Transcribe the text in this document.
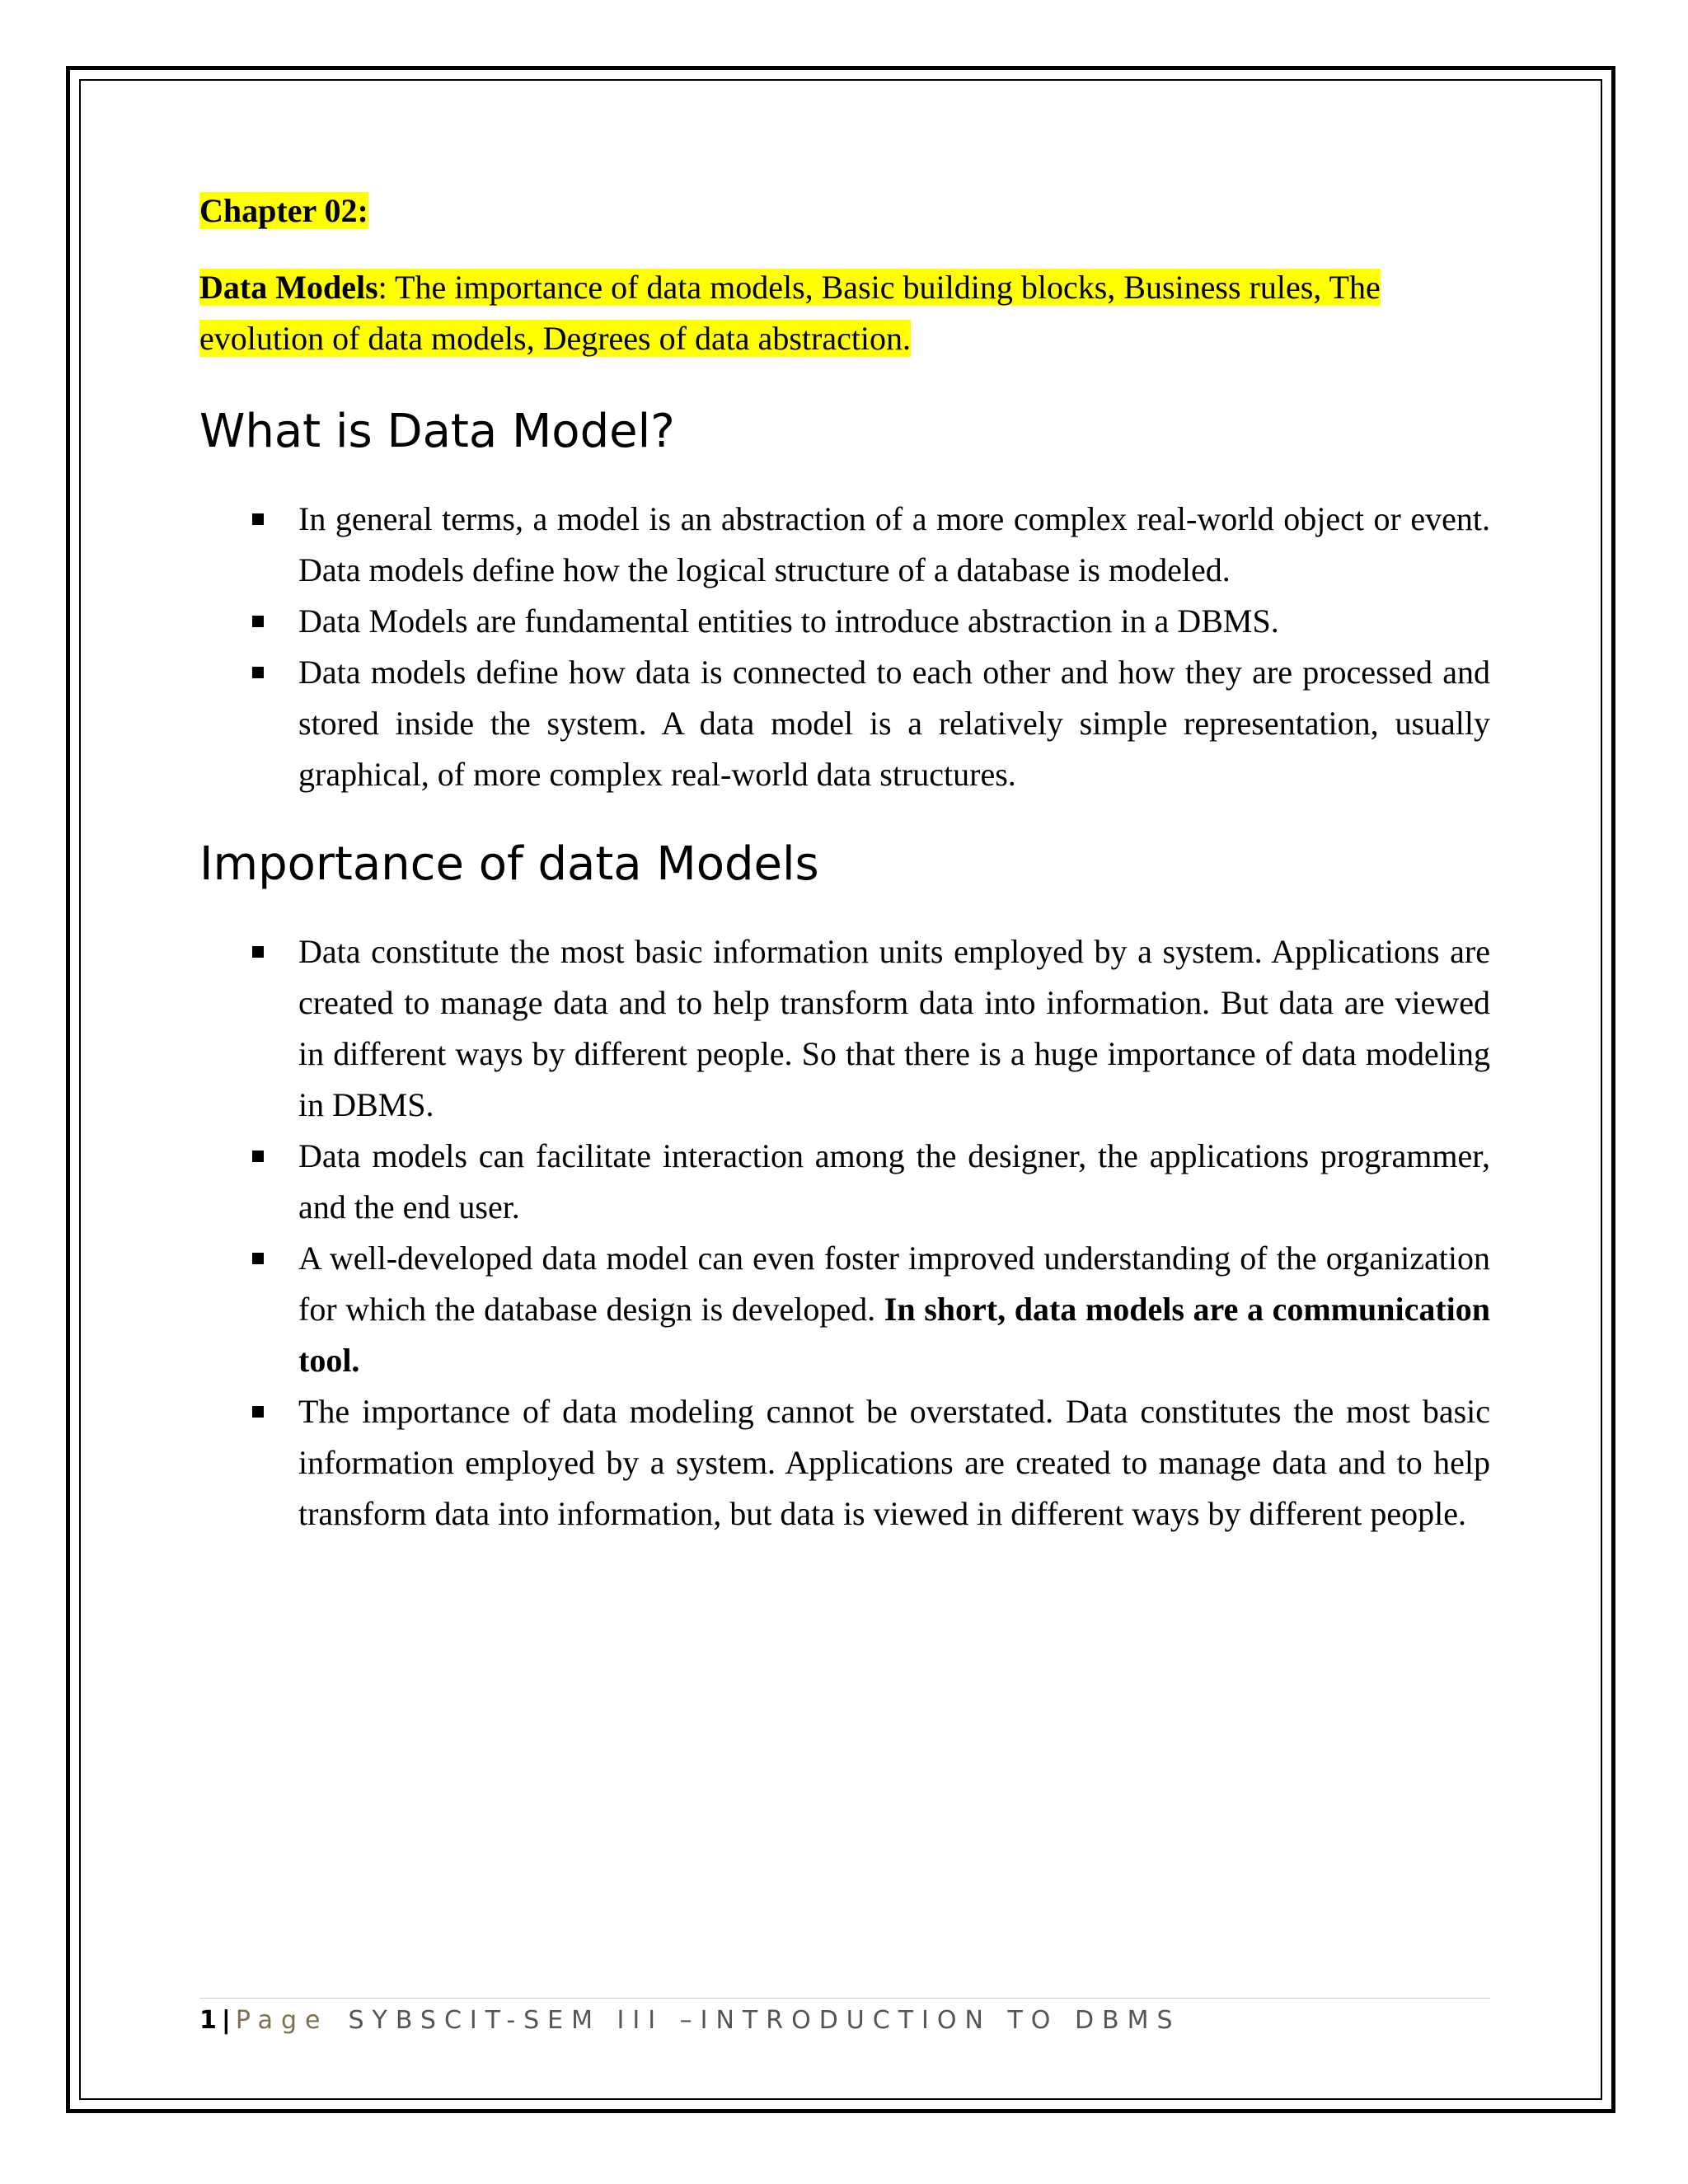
Chapter 02:

Data Models: The importance of data models, Basic building blocks, Business rules, The evolution of data models, Degrees of data abstraction.

What is Data Model?
In general terms, a model is an abstraction of a more complex real-world object or event. Data models define how the logical structure of a database is modeled.
Data Models are fundamental entities to introduce abstraction in a DBMS.
Data models define how data is connected to each other and how they are processed and stored inside the system. A data model is a relatively simple representation, usually graphical, of more complex real-world data structures.
Importance of data Models
Data constitute the most basic information units employed by a system. Applications are created to manage data and to help transform data into information. But data are viewed in different ways by different people. So that there is a huge importance of data modeling in DBMS.
Data models can facilitate interaction among the designer, the applications programmer, and the end user.
A well-developed data model can even foster improved understanding of the organization for which the database design is developed. In short, data models are a communication tool.
The importance of data modeling cannot be overstated. Data constitutes the most basic information employed by a system. Applications are created to manage data and to help transform data into information, but data is viewed in different ways by different people.
1 | Page SYBSCIT-SEM III –INTRODUCTION TO DBMS
